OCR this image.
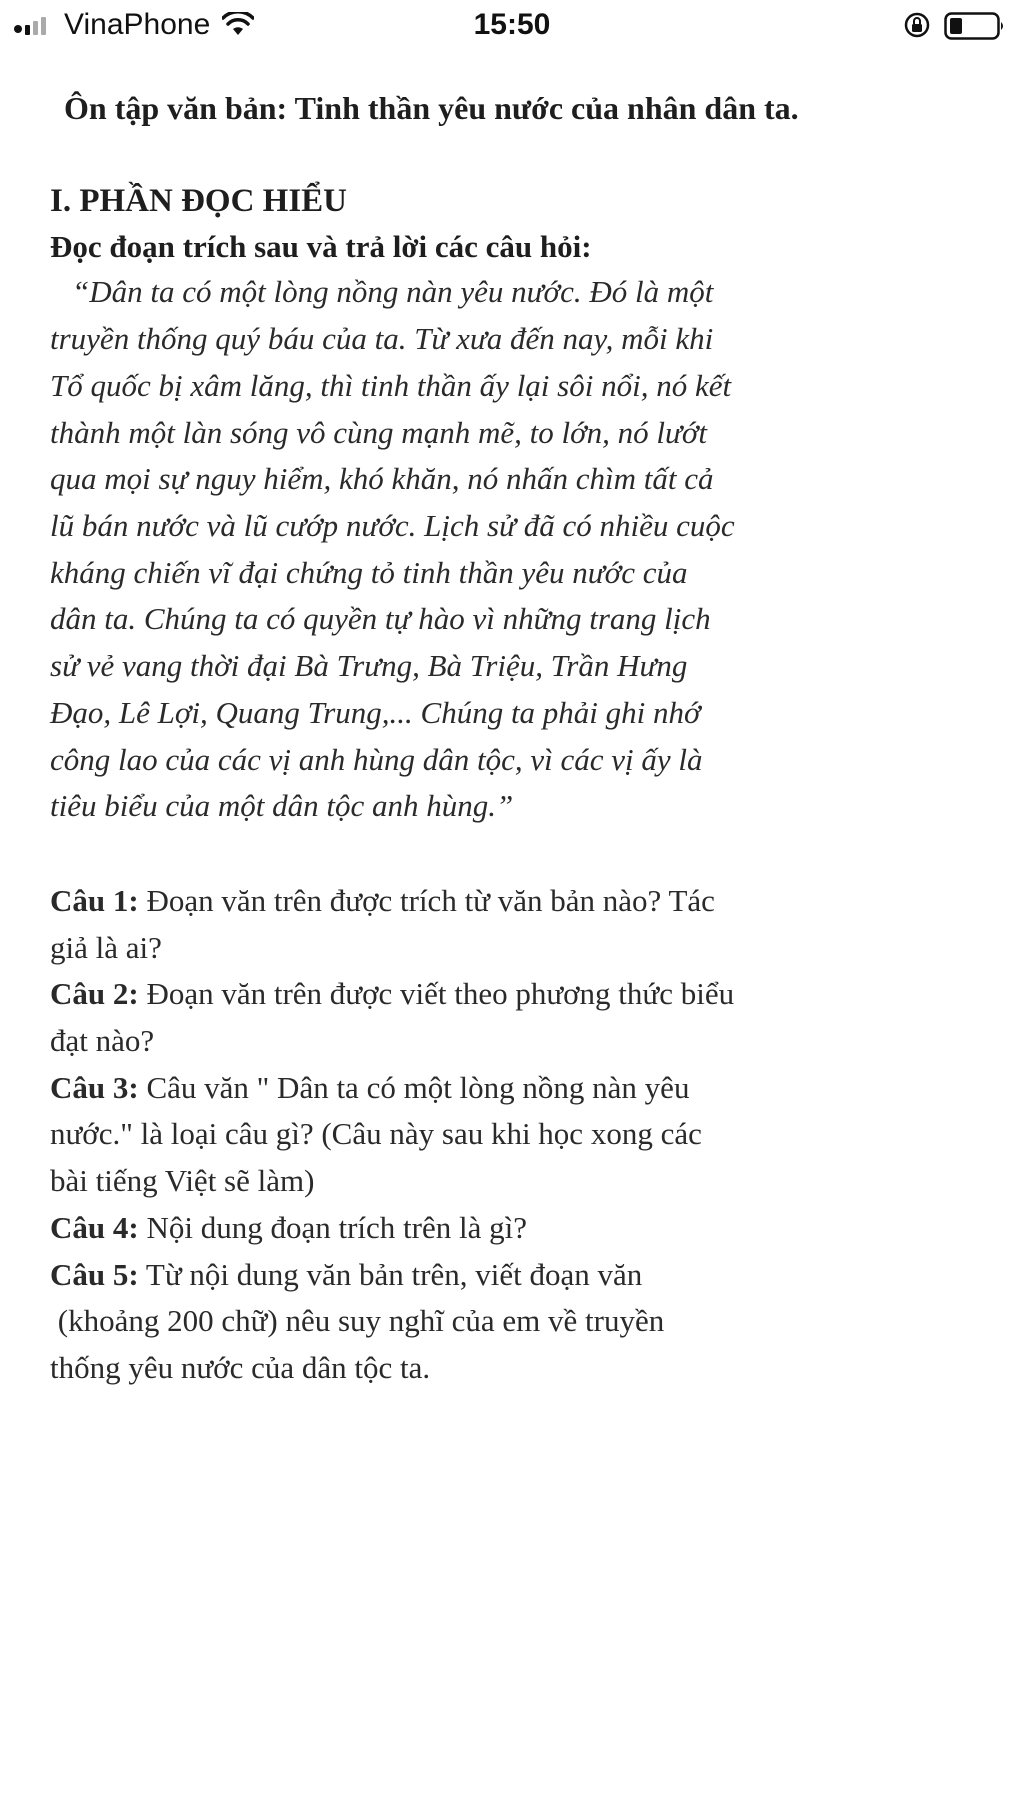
VinaPhone	15:50
Ôn tập văn bản: Tinh thần yêu nước của nhân dân ta.
I. PHẦN ĐỌC HIỂU
Đọc đoạn trích sau và trả lời các câu hỏi:
“Dân ta có một lòng nồng nàn yêu nước. Đó là một
truyền thống quý báu của ta. Từ xưa đến nay, mỗi khi
Tổ quốc bị xâm lăng, thì tinh thần ấy lại sôi nổi, nó kết
thành một làn sóng vô cùng mạnh mẽ, to lớn, nó lướt
qua mọi sự nguy hiểm, khó khăn, nó nhấn chìm tất cả
lũ bán nước và lũ cướp nước. Lịch sử đã có nhiều cuộc
kháng chiến vĩ đại chứng tỏ tinh thần yêu nước của
dân ta. Chúng ta có quyền tự hào vì những trang lịch
sử vẻ vang thời đại Bà Trưng, Bà Triệu, Trần Hưng
Đạo, Lê Lợi, Quang Trung,... Chúng ta phải ghi nhớ
công lao của các vị anh hùng dân tộc, vì các vị ấy là
tiêu biểu của một dân tộc anh hùng.”
Câu 1: Đoạn văn trên được trích từ văn bản nào? Tác
giả là ai?
Câu 2: Đoạn văn trên được viết theo phương thức biểu
đạt nào?
Câu 3: Câu văn " Dân ta có một lòng nồng nàn yêu
nước." là loại câu gì? (Câu này sau khi học xong các
bài tiếng Việt sẽ làm)
Câu 4: Nội dung đoạn trích trên là gì?
Câu 5: Từ nội dung văn bản trên, viết đoạn văn
(khoảng 200 chữ) nêu suy nghĩ của em về truyền
thống yêu nước của dân tộc ta.
